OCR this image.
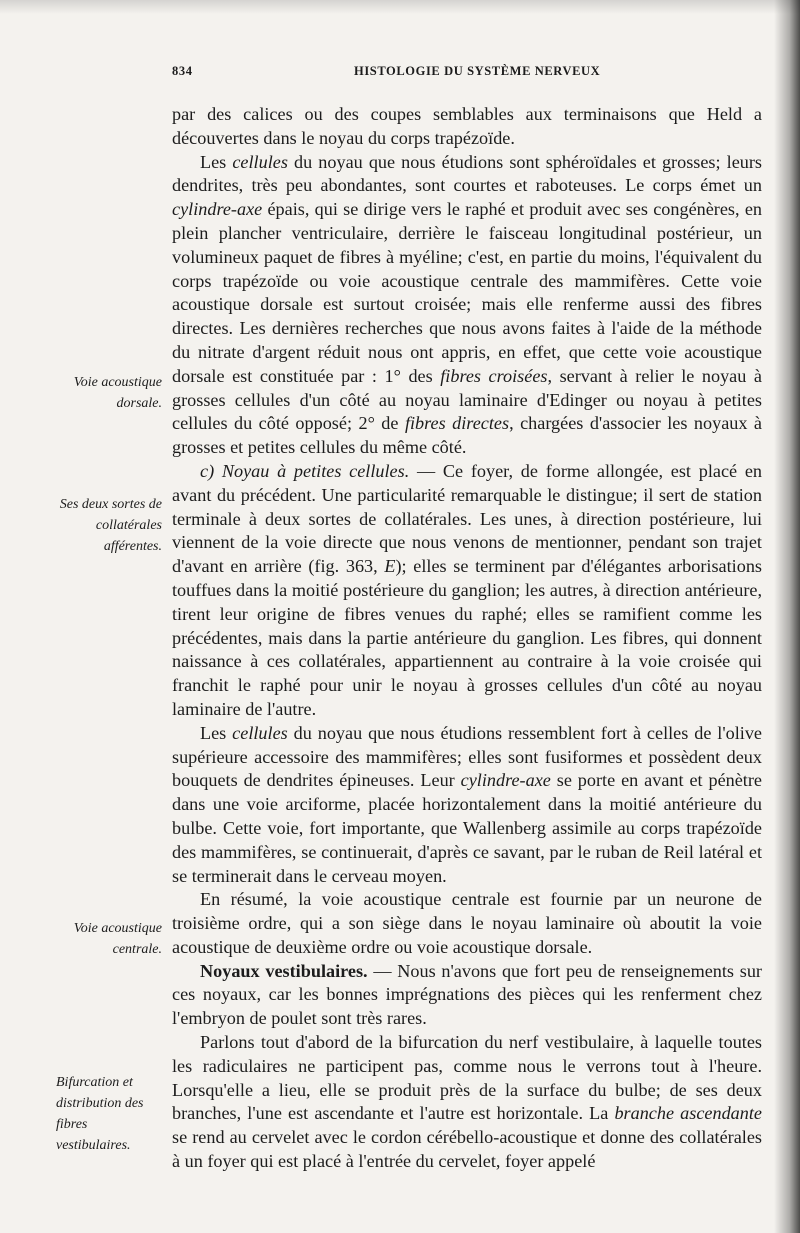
834	HISTOLOGIE DU SYSTÈME NERVEUX
Voie acoustique dorsale.
Ses deux sortes de collatérales afférentes.
Voie acoustique centrale.
Bifurcation et distribution des fibres vestibulaires.

par des calices ou des coupes semblables aux terminaisons que Held a découvertes dans le noyau du corps trapézoïde.

Les cellules du noyau que nous étudions sont sphéroïdales et grosses; leurs dendrites, très peu abondantes, sont courtes et raboteuses. Le corps émet un cylindre-axe épais, qui se dirige vers le raphé et produit avec ses congénères, en plein plancher ventriculaire, derrière le faisceau longitudinal postérieur, un volumineux paquet de fibres à myéline; c'est, en partie du moins, l'équivalent du corps trapézoïde ou voie acoustique centrale des mammifères. Cette voie acoustique dorsale est surtout croisée; mais elle renferme aussi des fibres directes. Les dernières recherches que nous avons faites à l'aide de la méthode du nitrate d'argent réduit nous ont appris, en effet, que cette voie acoustique dorsale est constituée par : 1° des fibres croisées, servant à relier le noyau à grosses cellules d'un côté au noyau laminaire d'Edinger ou noyau à petites cellules du côté opposé; 2° de fibres directes, chargées d'associer les noyaux à grosses et petites cellules du même côté.

c) Noyau à petites cellules. — Ce foyer, de forme allongée, est placé en avant du précédent. Une particularité remarquable le distingue; il sert de station terminale à deux sortes de collatérales. Les unes, à direction postérieure, lui viennent de la voie directe que nous venons de mentionner, pendant son trajet d'avant en arrière (fig. 363, E); elles se terminent par d'élégantes arborisations touffues dans la moitié postérieure du ganglion; les autres, à direction antérieure, tirent leur origine de fibres venues du raphé; elles se ramifient comme les précédentes, mais dans la partie antérieure du ganglion. Les fibres, qui donnent naissance à ces collatérales, appartiennent au contraire à la voie croisée qui franchit le raphé pour unir le noyau à grosses cellules d'un côté au noyau laminaire de l'autre.

Les cellules du noyau que nous étudions ressemblent fort à celles de l'olive supérieure accessoire des mammifères; elles sont fusiformes et possèdent deux bouquets de dendrites épineuses. Leur cylindre-axe se porte en avant et pénètre dans une voie arciforme, placée horizontalement dans la moitié antérieure du bulbe. Cette voie, fort importante, que Wallenberg assimile au corps trapézoïde des mammifères, se continuerait, d'après ce savant, par le ruban de Reil latéral et se terminerait dans le cerveau moyen.

En résumé, la voie acoustique centrale est fournie par un neurone de troisième ordre, qui a son siège dans le noyau laminaire où aboutit la voie acoustique de deuxième ordre ou voie acoustique dorsale.

Noyaux vestibulaires. — Nous n'avons que fort peu de renseignements sur ces noyaux, car les bonnes imprégnations des pièces qui les renferment chez l'embryon de poulet sont très rares.

Parlons tout d'abord de la bifurcation du nerf vestibulaire, à laquelle toutes les radiculaires ne participent pas, comme nous le verrons tout à l'heure. Lorsqu'elle a lieu, elle se produit près de la surface du bulbe; de ses deux branches, l'une est ascendante et l'autre est horizontale. La branche ascendante se rend au cervelet avec le cordon cérébello-acoustique et donne des collatérales à un foyer qui est placé à l'entrée du cervelet, foyer appelé
